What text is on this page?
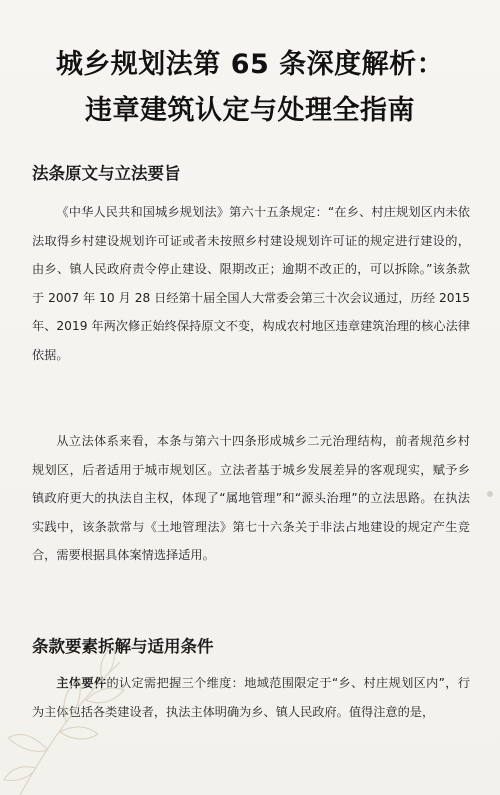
城乡规划法第 65 条深度解析：
违章建筑认定与处理全指南
法条原文与立法要旨
《中华人民共和国城乡规划法》第六十五条规定：“在乡、村庄规划区内未依法取得乡村建设规划许可证或者未按照乡村建设规划许可证的规定进行建设的，由乡、镇人民政府责令停止建设、限期改正；逾期不改正的，可以拆除。”该条款于 2007 年 10 月 28 日经第十届全国人大常委会第三十次会议通过，历经 2015 年、2019 年两次修正始终保持原文不变，构成农村地区违章建筑治理的核心法律依据。
从立法体系来看，本条与第六十四条形成城乡二元治理结构，前者规范乡村规划区，后者适用于城市规划区。立法者基于城乡发展差异的客观现实，赋予乡镇政府更大的执法自主权，体现了“属地管理”和“源头治理”的立法思路。在执法实践中，该条款常与《土地管理法》第七十六条关于非法占地建设的规定产生竞合，需要根据具体案情选择适用。
条款要素拆解与适用条件
主体要件的认定需把握三个维度：地域范围限定于“乡、村庄规划区内”，行为主体包括各类建设者，执法主体明确为乡、镇人民政府。值得注意的是，
